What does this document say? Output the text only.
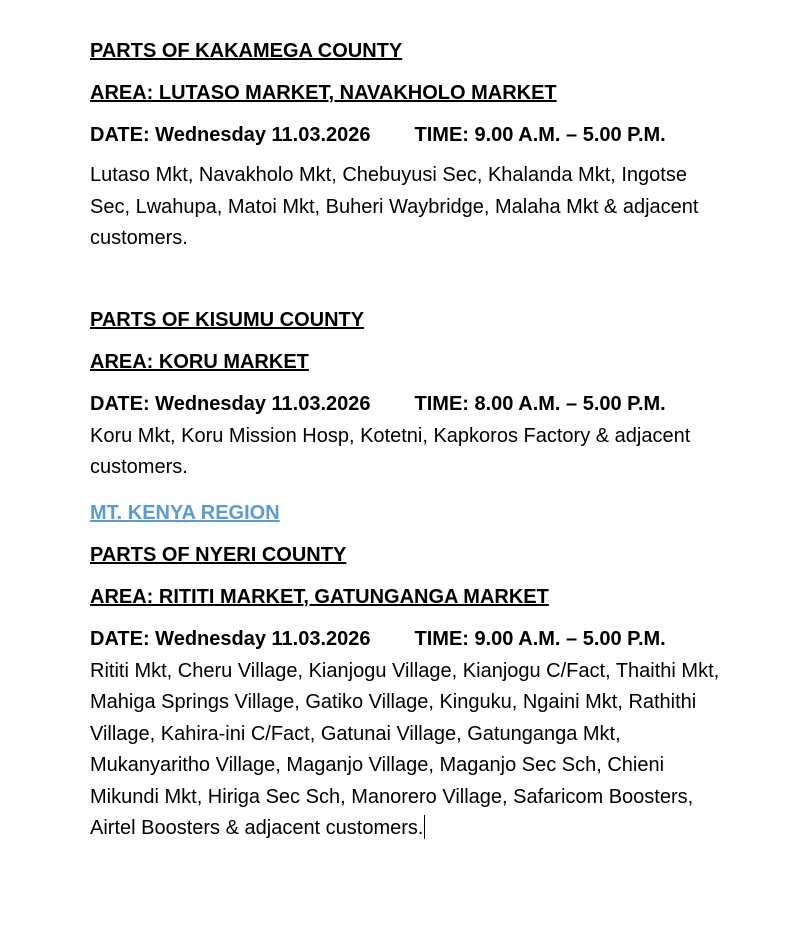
PARTS OF KAKAMEGA COUNTY
AREA: LUTASO MARKET, NAVAKHOLO MARKET
DATE: Wednesday 11.03.2026 TIME: 9.00 A.M. – 5.00 P.M.
Lutaso Mkt, Navakholo Mkt, Chebuyusi Sec, Khalanda Mkt, Ingotse Sec, Lwahupa, Matoi Mkt, Buheri Waybridge, Malaha Mkt & adjacent customers.
PARTS OF KISUMU COUNTY
AREA: KORU MARKET
DATE: Wednesday 11.03.2026 TIME: 8.00 A.M. – 5.00 P.M.
Koru Mkt, Koru Mission Hosp, Kotetni, Kapkoros Factory & adjacent customers.
MT. KENYA REGION
PARTS OF NYERI COUNTY
AREA: RITITI MARKET, GATUNGANGA MARKET
DATE: Wednesday 11.03.2026 TIME: 9.00 A.M. – 5.00 P.M.
Rititi Mkt, Cheru Village, Kianjogu Village, Kianjogu C/Fact, Thaithi Mkt, Mahiga Springs Village, Gatiko Village, Kinguku, Ngaini Mkt, Rathithi Village, Kahira-ini C/Fact, Gatunai Village, Gatunganga Mkt, Mukanyaritho Village, Maganjo Village, Maganjo Sec Sch, Chieni Mikundi Mkt, Hiriga Sec Sch, Manorero Village, Safaricom Boosters, Airtel Boosters & adjacent customers.
